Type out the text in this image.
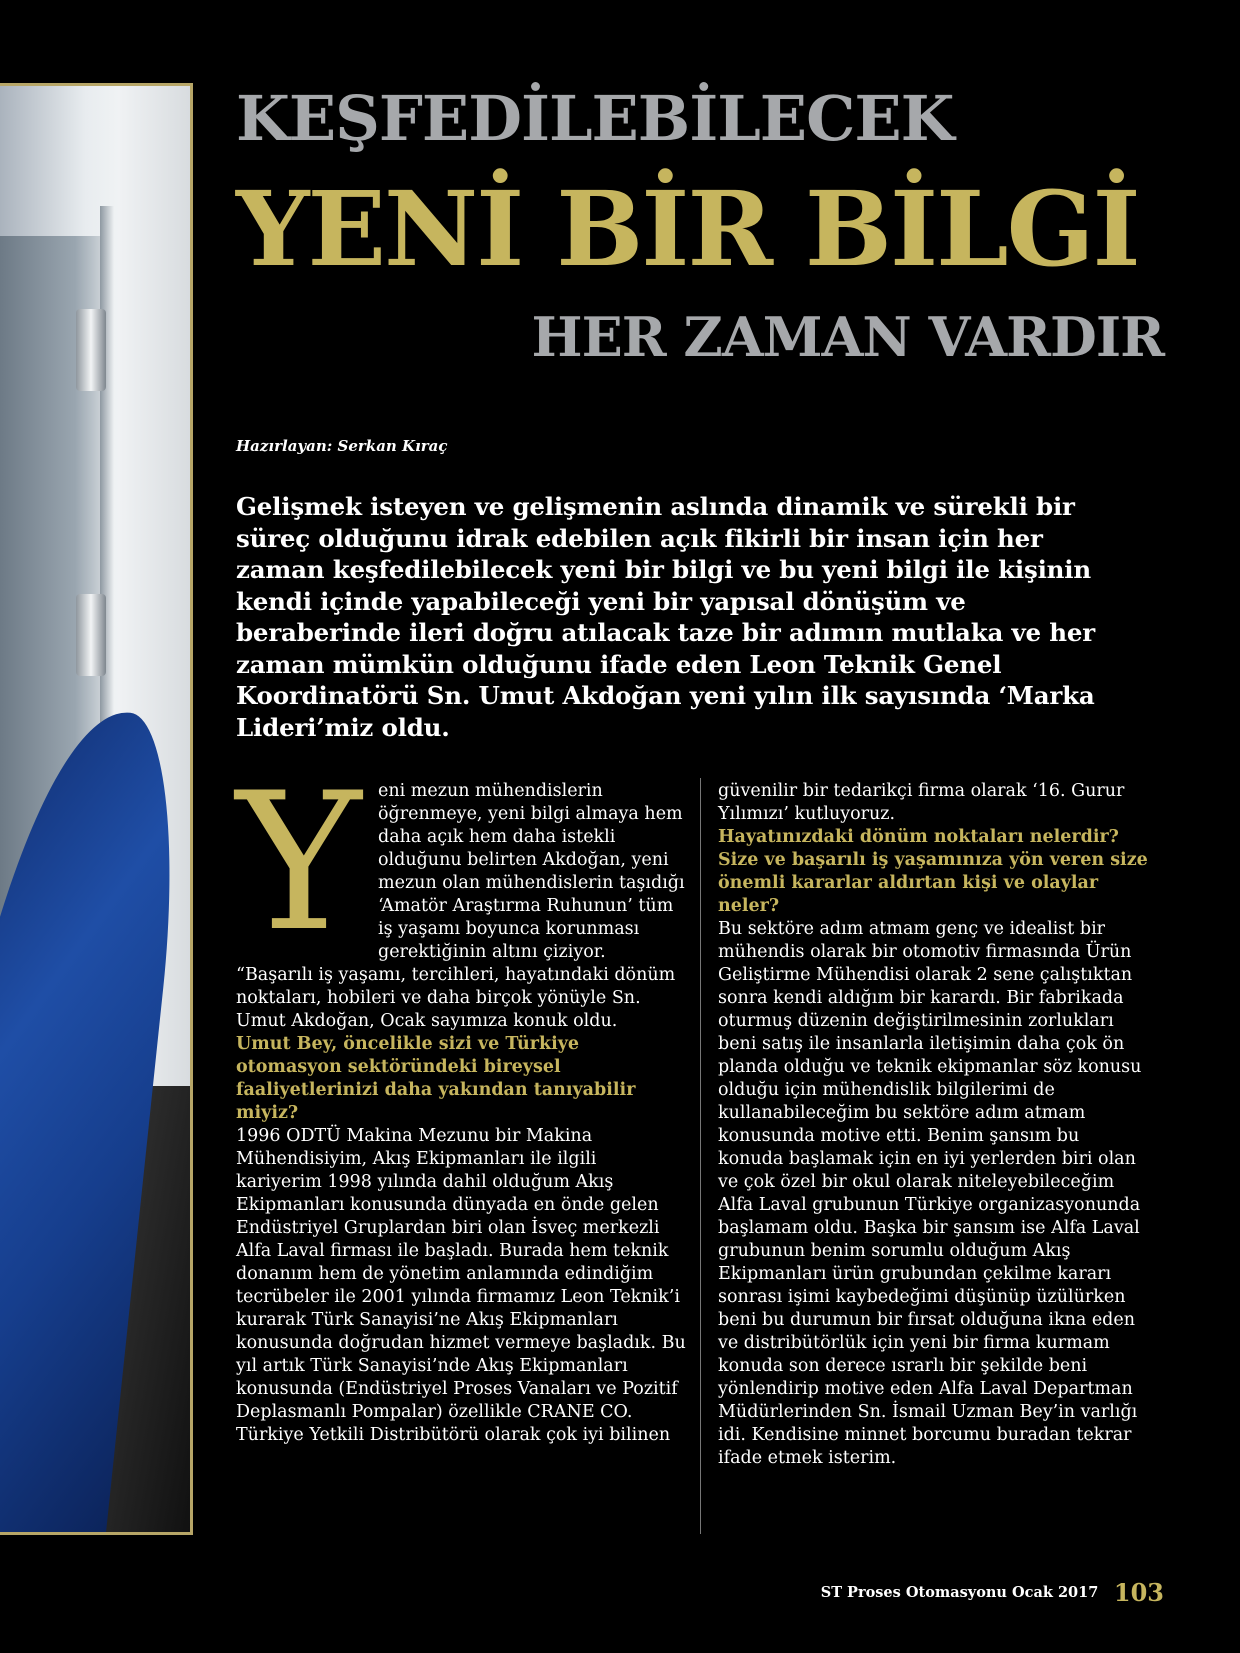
KEŞFEDİLEBİLECEK
YENİ BİR BİLGİ
HER ZAMAN VARDIR
Hazırlayan: Serkan Kıraç
Gelişmek isteyen ve gelişmenin aslında dinamik ve sürekli bir süreç olduğunu idrak edebilen açık fikirli bir insan için her zaman keşfedilebilecek yeni bir bilgi ve bu yeni bilgi ile kişinin kendi içinde yapabileceği yeni bir yapısal dönüşüm ve beraberinde ileri doğru atılacak taze bir adımın mutlaka ve her zaman mümkün olduğunu ifade eden Leon Teknik Genel Koordinatörü Sn. Umut Akdoğan yeni yılın ilk sayısında ‘Marka Lideri’miz oldu.
Y eni mezun mühendislerin öğrenmeye, yeni bilgi almaya hem daha açık hem daha istekli olduğunu belirten Akdoğan, yeni mezun olan mühendislerin taşıdığı ‘Amatör Araştırma Ruhunun’ tüm iş yaşamı boyunca korunması gerektiğinin altını çiziyor. “Başarılı iş yaşamı, tercihleri, hayatındaki dönüm noktaları, hobileri ve daha birçok yönüyle Sn. Umut Akdoğan, Ocak sayımıza konuk oldu.

Umut Bey, öncelikle sizi ve Türkiye otomasyon sektöründeki bireysel faaliyetlerinizi daha yakından tanıyabilir miyiz?

1996 ODTÜ Makina Mezunu bir Makina Mühendisiyim, Akış Ekipmanları ile ilgili kariyerim 1998 yılında dahil olduğum Akış Ekipmanları konusunda dünyada en önde gelen Endüstriyel Gruplardan biri olan İsveç merkezli Alfa Laval firması ile başladı. Burada hem teknik donanım hem de yönetim anlamında edindiğim tecrübeler ile 2001 yılında firmamız Leon Teknik’i kurarak Türk Sanayisi’ne Akış Ekipmanları konusunda doğrudan hizmet vermeye başladık. Bu yıl artık Türk Sanayisi’nde Akış Ekipmanları konusunda (Endüstriyel Proses Vanaları ve Pozitif Deplasmanlı Pompalar) özellikle CRANE CO. Türkiye Yetkili Distribütörü olarak çok iyi bilinen

güvenilir bir tedarikçi firma olarak ‘16. Gurur Yılımızı’ kutluyoruz.

Hayatınızdaki dönüm noktaları nelerdir? Size ve başarılı iş yaşamınıza yön veren size önemli kararlar aldırtan kişi ve olaylar neler?

Bu sektöre adım atmam genç ve idealist bir mühendis olarak bir otomotiv firmasında Ürün Geliştirme Mühendisi olarak 2 sene çalıştıktan sonra kendi aldığım bir karardı. Bir fabrikada oturmuş düzenin değiştirilmesinin zorlukları beni satış ile insanlarla iletişimin daha çok ön planda olduğu ve teknik ekipmanlar söz konusu olduğu için mühendislik bilgilerimi de kullanabileceğim bu sektöre adım atmam konusunda motive etti. Benim şansım bu konuda başlamak için en iyi yerlerden biri olan ve çok özel bir okul olarak niteleyebileceğim Alfa Laval grubunun Türkiye organizasyonunda başlamam oldu. Başka bir şansım ise Alfa Laval grubunun benim sorumlu olduğum Akış Ekipmanları ürün grubundan çekilme kararı sonrası işimi kaybedeğimi düşünüp üzülürken beni bu durumun bir fırsat olduğuna ikna eden ve distribütörlük için yeni bir firma kurmam konuda son derece ısrarlı bir şekilde beni yönlendirip motive eden Alfa Laval Departman Müdürlerinden Sn. İsmail Uzman Bey’in varlığı idi. Kendisine minnet borcumu buradan tekrar ifade etmek isterim.

ST Proses Otomasyonu Ocak 2017 103
